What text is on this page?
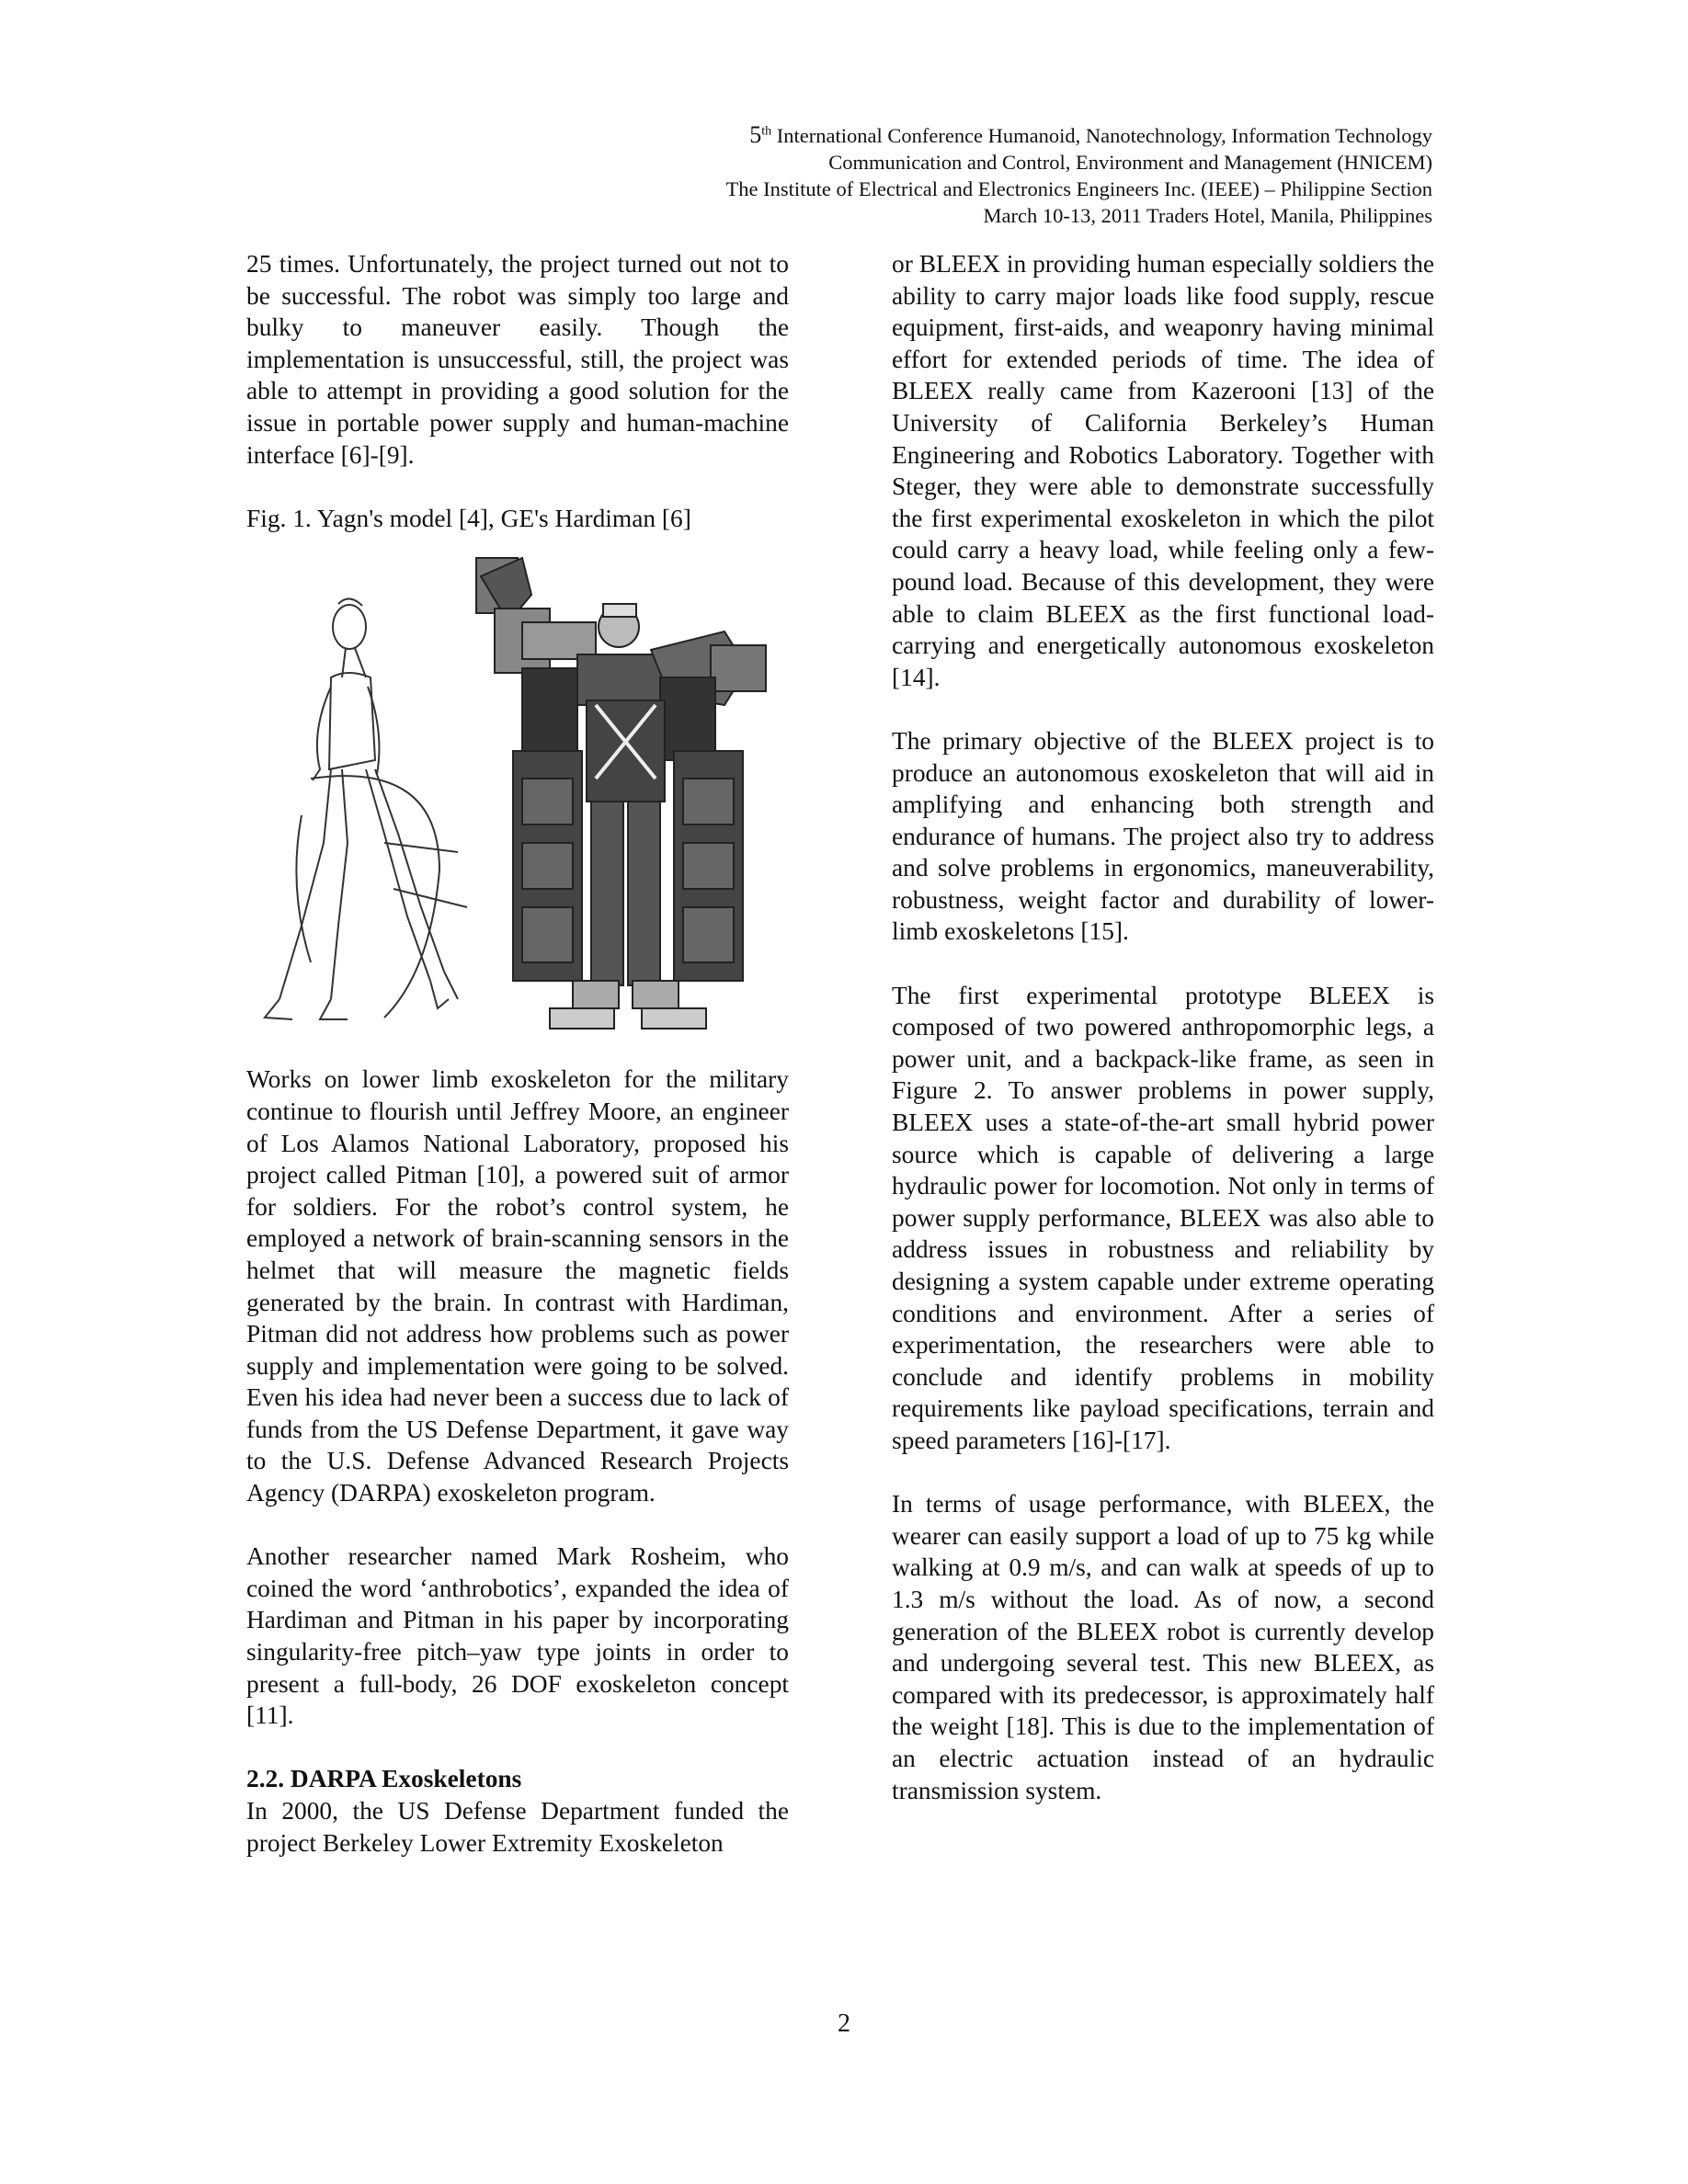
5th International Conference Humanoid, Nanotechnology, Information Technology
Communication and Control, Environment and Management (HNICEM)
The Institute of Electrical and Electronics Engineers Inc. (IEEE) – Philippine Section
March 10-13, 2011 Traders Hotel, Manila, Philippines

25 times. Unfortunately, the project turned out not to be successful. The robot was simply too large and bulky to maneuver easily. Though the implementation is unsuccessful, still, the project was able to attempt in providing a good solution for the issue in portable power supply and human-machine interface [6]-[9].

Fig. 1. Yagn's model [4], GE's Hardiman [6]

Works on lower limb exoskeleton for the military continue to flourish until Jeffrey Moore, an engineer of Los Alamos National Laboratory, proposed his project called Pitman [10], a powered suit of armor for soldiers. For the robot’s control system, he employed a network of brain-scanning sensors in the helmet that will measure the magnetic fields generated by the brain. In contrast with Hardiman, Pitman did not address how problems such as power supply and implementation were going to be solved. Even his idea had never been a success due to lack of funds from the US Defense Department, it gave way to the U.S. Defense Advanced Research Projects Agency (DARPA) exoskeleton program.

Another researcher named Mark Rosheim, who coined the word ‘anthrobotics’, expanded the idea of Hardiman and Pitman in his paper by incorporating singularity-free pitch–yaw type joints in order to present a full-body, 26 DOF exoskeleton concept [11].

2.2. DARPA Exoskeletons

In 2000, the US Defense Department funded the project Berkeley Lower Extremity Exoskeleton

or BLEEX in providing human especially soldiers the ability to carry major loads like food supply, rescue equipment, first-aids, and weaponry having minimal effort for extended periods of time. The idea of BLEEX really came from Kazerooni [13] of the University of California Berkeley’s Human Engineering and Robotics Laboratory. Together with Steger, they were able to demonstrate successfully the first experimental exoskeleton in which the pilot could carry a heavy load, while feeling only a few-pound load. Because of this development, they were able to claim BLEEX as the first functional load-carrying and energetically autonomous exoskeleton [14].

The primary objective of the BLEEX project is to produce an autonomous exoskeleton that will aid in amplifying and enhancing both strength and endurance of humans. The project also try to address and solve problems in ergonomics, maneuverability, robustness, weight factor and durability of lower-limb exoskeletons [15].

The first experimental prototype BLEEX is composed of two powered anthropomorphic legs, a power unit, and a backpack-like frame, as seen in Figure 2. To answer problems in power supply, BLEEX uses a state-of-the-art small hybrid power source which is capable of delivering a large hydraulic power for locomotion. Not only in terms of power supply performance, BLEEX was also able to address issues in robustness and reliability by designing a system capable under extreme operating conditions and environment. After a series of experimentation, the researchers were able to conclude and identify problems in mobility requirements like payload specifications, terrain and speed parameters [16]-[17].

In terms of usage performance, with BLEEX, the wearer can easily support a load of up to 75 kg while walking at 0.9 m/s, and can walk at speeds of up to 1.3 m/s without the load. As of now, a second generation of the BLEEX robot is currently develop and undergoing several test. This new BLEEX, as compared with its predecessor, is approximately half the weight [18]. This is due to the implementation of an electric actuation instead of an hydraulic transmission system.

2
